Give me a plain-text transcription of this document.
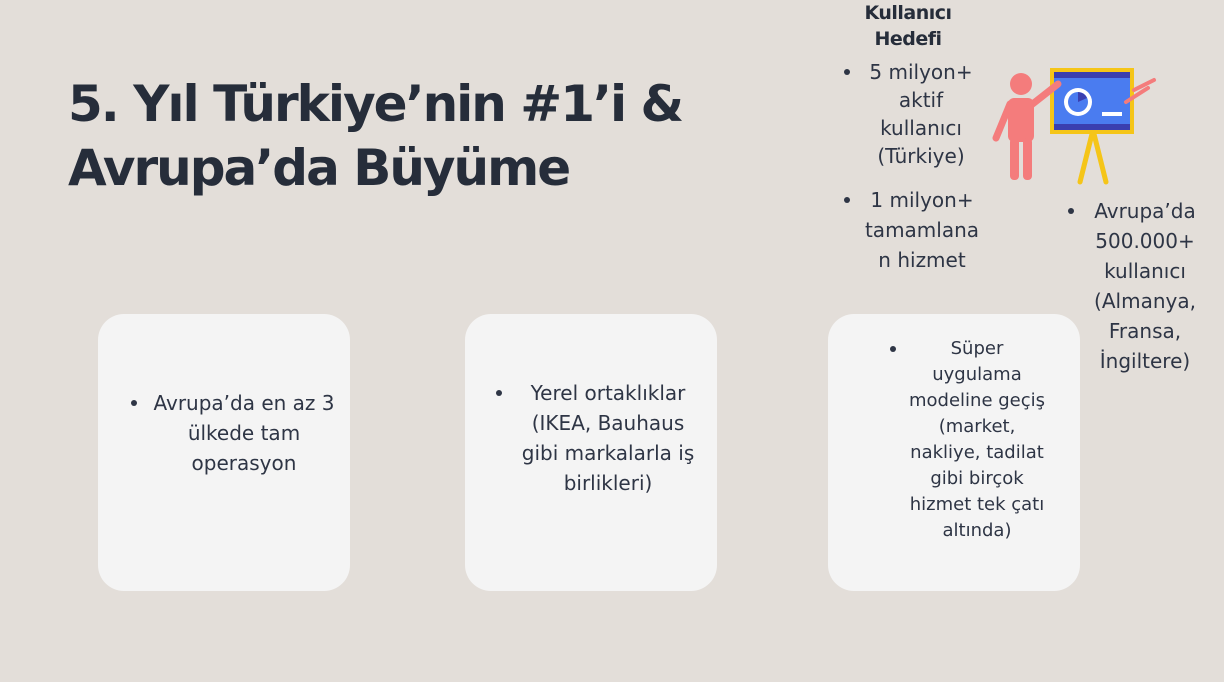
5. Yıl Türkiye’nin #1’i &
Avrupa’da Büyüme
Kullanıcı
Hedefi
5 milyon+
aktif
kullanıcı
(Türkiye)
1 milyon+
tamamlana
n hizmet
Avrupa’da
500.000+
kullanıcı
(Almanya,
Fransa,
İngiltere)
Avrupa’da en az 3
ülkede tam
operasyon
Yerel ortaklıklar
(IKEA, Bauhaus
gibi markalarla iş
birlikleri)
Süper
uygulama
modeline geçiş
(market,
nakliye, tadilat
gibi birçok
hizmet tek çatı
altında)
